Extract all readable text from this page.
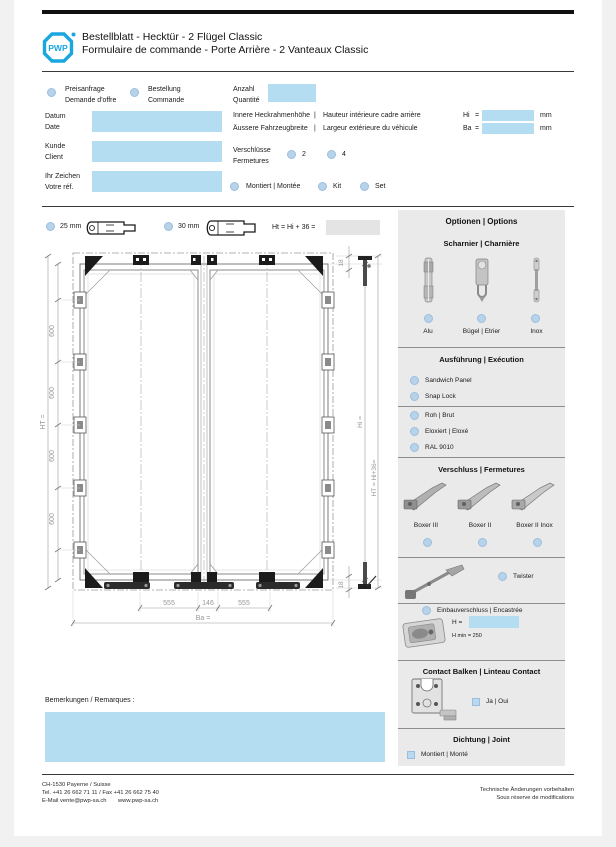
PWP
Bestellblatt - Hecktür - 2 Flügel Classic
Formulaire de commande - Porte Arrière - 2 Vanteaux Classic
Preisanfrage
Demande d'offre
Bestellung
Commande
Anzahl
Quantité
Datum
Date
Kunde
Client
Ihr Zeichen
Votre réf.
Innere Heckrahmenhöhe | Hauteur intérieure cadre arrière	Hi =	mm
Äussere Fahrzeugbreite | Largeur extérieure du véhicule	Ba =	mm
Verschlüsse
Fermetures
2	4
Montiert | Montée	Kit	Set
600
600
600
600
HT =
555	146	555
Ba =
Hi =
HT = Hi+36=
18
18
25 mm	30 mm	Ht = Hi + 36 =
Optionen | Options
Scharnier | Charnière
Alu	Bügel | Etrier	Inox
Ausführung | Exécution
Sandwich Panel
Snap Lock
Roh | Brut
Eloxiert | Eloxé
RAL 9010
Verschluss | Fermetures
Boxer III	Boxer II	Boxer II Inox
Twister
Einbauverschluss | Encastrée
H =
H min = 250
Contact Balken | Linteau Contact
Ja | Oui
Dichtung | Joint
Montiert | Monté
Bemerkungen / Remarques :
CH-1530 Payerne / Suisse
Tel. +41 26 662 71 11 / Fax +41 26 662 75 40
E-Mail vente@pwp-sa.ch www.pwp-sa.ch
Technische Änderungen vorbehalten
Sous réserve de modifications
